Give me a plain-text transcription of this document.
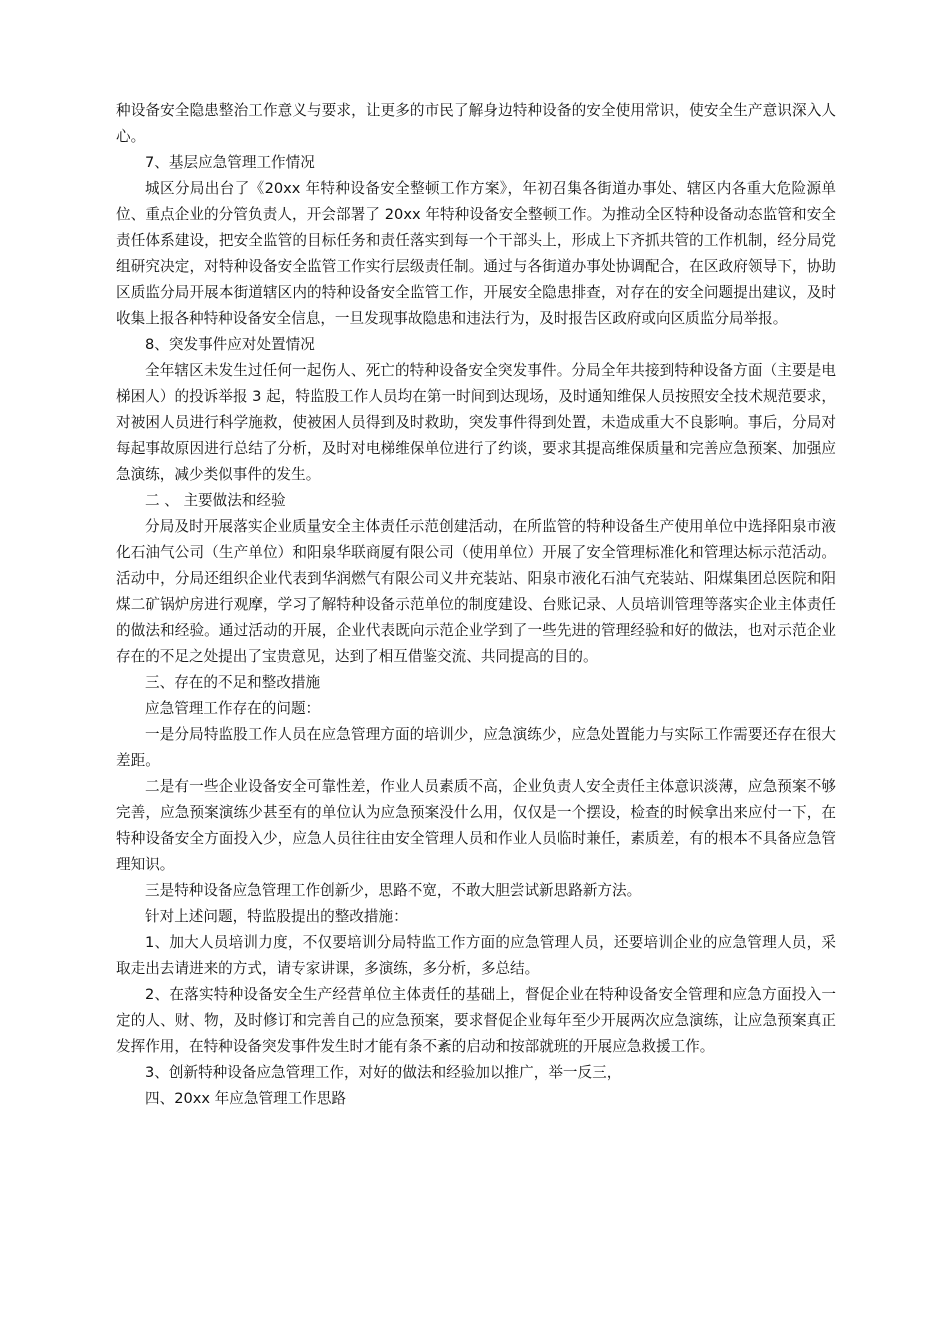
种设备安全隐患整治工作意义与要求，让更多的市民了解身边特种设备的安全使用常识，使安全生产意识深入人心。

7、基层应急管理工作情况

城区分局出台了《20xx 年特种设备安全整顿工作方案》，年初召集各街道办事处、辖区内各重大危险源单位、重点企业的分管负责人，开会部署了 20xx 年特种设备安全整顿工作。为推动全区特种设备动态监管和安全责任体系建设，把安全监管的目标任务和责任落实到每一个干部头上，形成上下齐抓共管的工作机制，经分局党组研究决定，对特种设备安全监管工作实行层级责任制。通过与各街道办事处协调配合，在区政府领导下，协助区质监分局开展本街道辖区内的特种设备安全监管工作，开展安全隐患排查，对存在的安全问题提出建议，及时收集上报各种特种设备安全信息，一旦发现事故隐患和违法行为，及时报告区政府或向区质监分局举报。

8、突发事件应对处置情况

全年辖区未发生过任何一起伤人、死亡的特种设备安全突发事件。分局全年共接到特种设备方面（主要是电梯困人）的投诉举报 3 起，特监股工作人员均在第一时间到达现场，及时通知维保人员按照安全技术规范要求，对被困人员进行科学施救，使被困人员得到及时救助，突发事件得到处置，未造成重大不良影响。事后，分局对每起事故原因进行总结了分析，及时对电梯维保单位进行了约谈，要求其提高维保质量和完善应急预案、加强应急演练，减少类似事件的发生。

二 、 主要做法和经验

分局及时开展落实企业质量安全主体责任示范创建活动，在所监管的特种设备生产使用单位中选择阳泉市液化石油气公司（生产单位）和阳泉华联商厦有限公司（使用单位）开展了安全管理标准化和管理达标示范活动。活动中，分局还组织企业代表到华润燃气有限公司义井充装站、阳泉市液化石油气充装站、阳煤集团总医院和阳煤二矿锅炉房进行观摩，学习了解特种设备示范单位的制度建设、台账记录、人员培训管理等落实企业主体责任的做法和经验。通过活动的开展，企业代表既向示范企业学到了一些先进的管理经验和好的做法，也对示范企业存在的不足之处提出了宝贵意见，达到了相互借鉴交流、共同提高的目的。

三、存在的不足和整改措施

应急管理工作存在的问题：

一是分局特监股工作人员在应急管理方面的培训少，应急演练少，应急处置能力与实际工作需要还存在很大差距。

二是有一些企业设备安全可靠性差，作业人员素质不高，企业负责人安全责任主体意识淡薄，应急预案不够完善，应急预案演练少甚至有的单位认为应急预案没什么用，仅仅是一个摆设，检查的时候拿出来应付一下，在特种设备安全方面投入少，应急人员往往由安全管理人员和作业人员临时兼任，素质差，有的根本不具备应急管理知识。

三是特种设备应急管理工作创新少，思路不宽，不敢大胆尝试新思路新方法。

针对上述问题，特监股提出的整改措施：

1、加大人员培训力度，不仅要培训分局特监工作方面的应急管理人员，还要培训企业的应急管理人员，采取走出去请进来的方式，请专家讲课，多演练，多分析，多总结。

2、在落实特种设备安全生产经营单位主体责任的基础上，督促企业在特种设备安全管理和应急方面投入一定的人、财、物，及时修订和完善自己的应急预案，要求督促企业每年至少开展两次应急演练，让应急预案真正发挥作用，在特种设备突发事件发生时才能有条不紊的启动和按部就班的开展应急救援工作。

3、创新特种设备应急管理工作，对好的做法和经验加以推广，举一反三，

四、20xx 年应急管理工作思路
